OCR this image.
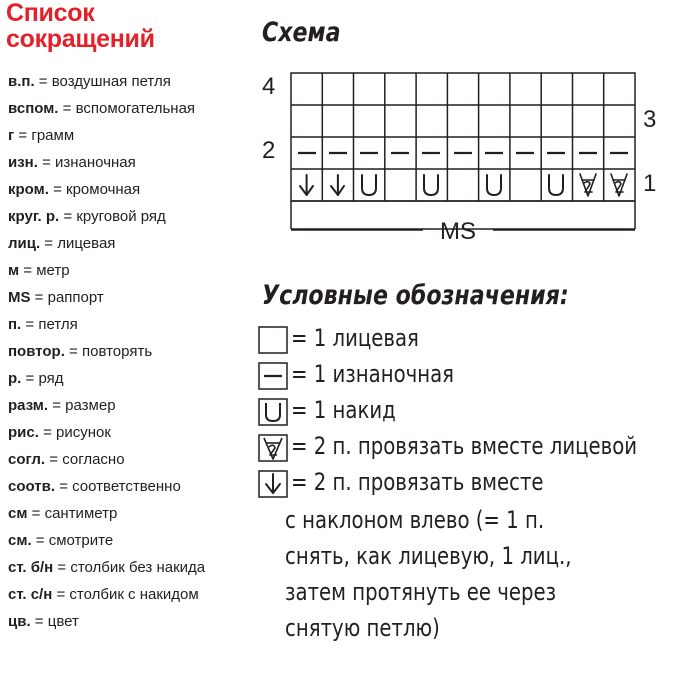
Список
сокращений
в.п. = воздушная петля
вспом. = вспомогательная
г = грамм
изн. = изнаночная
кром. = кромочная
круг. р. = круговой ряд
лиц. = лицевая
м = метр
MS = раппорт
п. = петля
повтор. = повторять
р. = ряд
разм. = размер
рис. = рисунок
согл. = согласно
соотв. = соответственно
см = сантиметр
см. = смотрите
ст. б/н = столбик без накида
ст. с/н = столбик с накидом
цв. = цвет
Схема
4
2
3
1
MS
Условные обозначения:
= 1 лицевая
= 1 изнаночная
= 1 накид
= 2 п. провязать вместе лицевой
= 2 п. провязать вместе
с наклоном влево (= 1 п.
снять, как лицевую, 1 лиц.,
затем протянуть ее через
снятую петлю)
